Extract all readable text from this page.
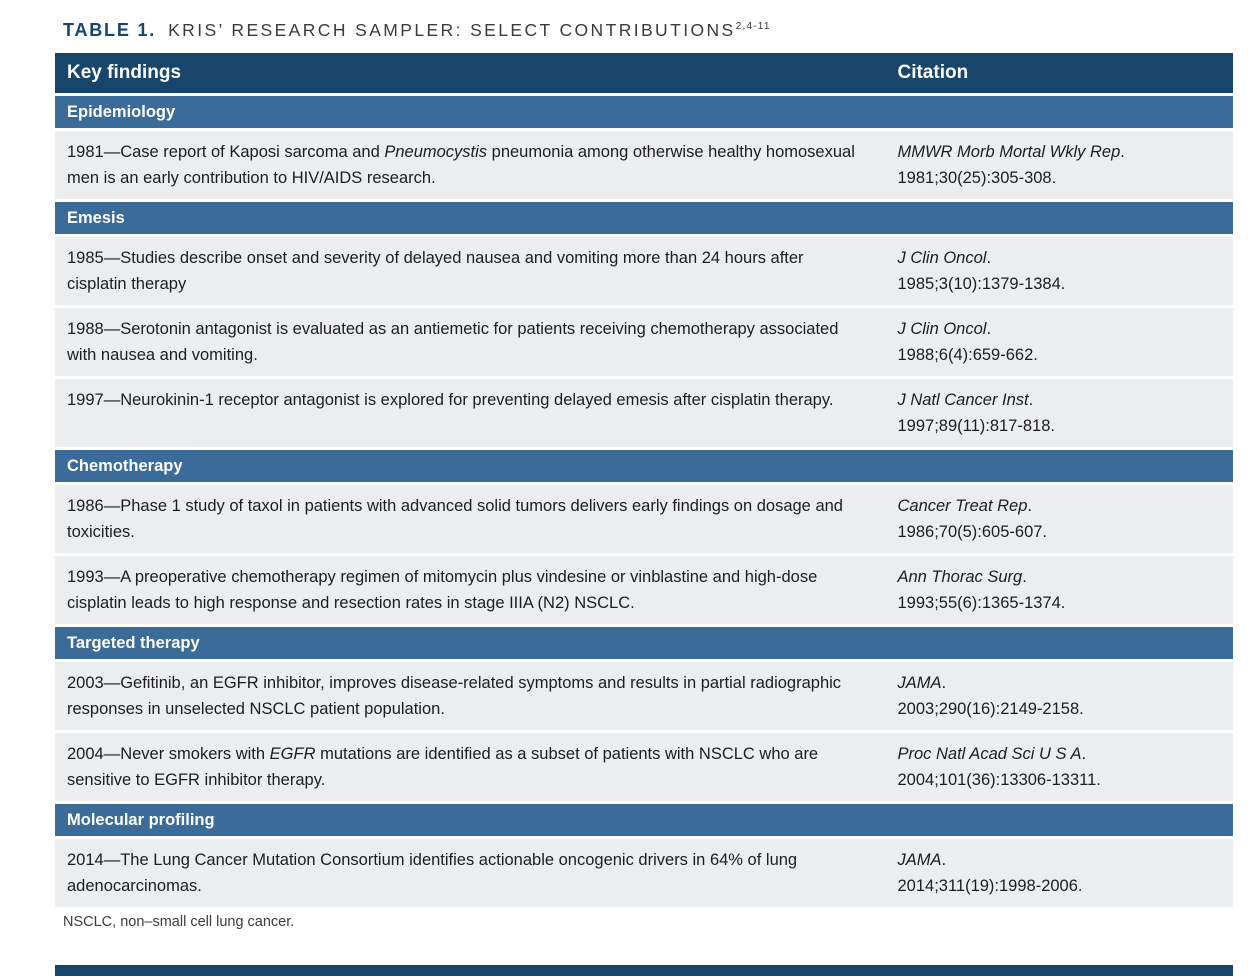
TABLE 1. KRIS’ RESEARCH SAMPLER: SELECT CONTRIBUTIONS$^{2,4-11}$
Key findings	Citation
Epidemiology
1981—Case report of Kaposi sarcoma and Pneumocystis pneumonia among otherwise healthy homosexual men is an early contribution to HIV/AIDS research.
MMWR Morb Mortal Wkly Rep.
1981;30(25):305-308.
Emesis
1985—Studies describe onset and severity of delayed nausea and vomiting more than 24 hours after cisplatin therapy
J Clin Oncol.
1985;3(10):1379-1384.
1988—Serotonin antagonist is evaluated as an antiemetic for patients receiving chemotherapy associated with nausea and vomiting.
J Clin Oncol.
1988;6(4):659-662.
1997—Neurokinin-1 receptor antagonist is explored for preventing delayed emesis after cisplatin therapy.	J Natl Cancer Inst.
1997;89(11):817-818.
Chemotherapy
1986—Phase 1 study of taxol in patients with advanced solid tumors delivers early findings on dosage and toxicities.
Cancer Treat Rep.
1986;70(5):605-607.
1993—A preoperative chemotherapy regimen of mitomycin plus vindesine or vinblastine and high-dose cisplatin leads to high response and resection rates in stage IIIA (N2) NSCLC.
Ann Thorac Surg.
1993;55(6):1365-1374.
Targeted therapy
2003—Gefitinib, an EGFR inhibitor, improves disease-related symptoms and results in partial radiographic responses in unselected NSCLC patient population.
JAMA.
2003;290(16):2149-2158.
2004—Never smokers with EGFR mutations are identified as a subset of patients with NSCLC who are sensitive to EGFR inhibitor therapy.
Proc Natl Acad Sci U S A.
2004;101(36):13306-13311.
Molecular profiling
2014—The Lung Cancer Mutation Consortium identifies actionable oncogenic drivers in 64% of lung adenocarcinomas.
JAMA.
2014;311(19):1998-2006.
NSCLC, non–small cell lung cancer.
